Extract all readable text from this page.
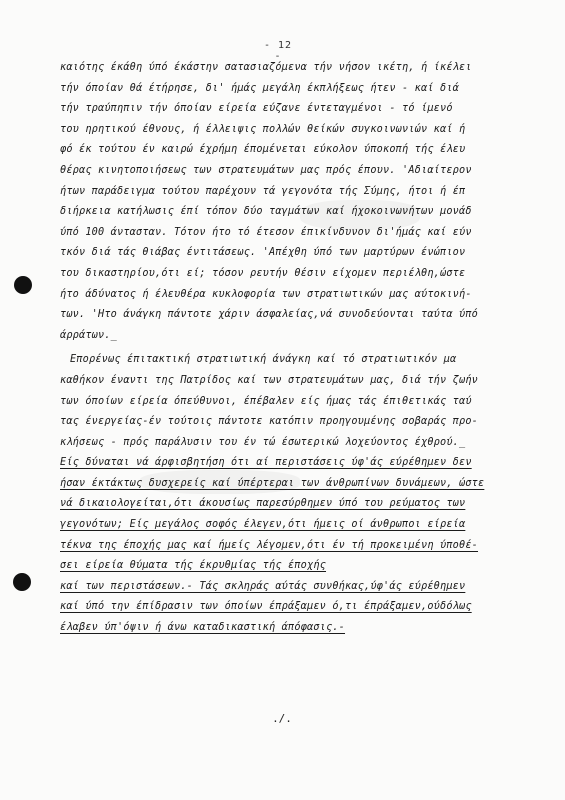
- 12 -
καιότης έκάθη ύπό έκάστην σατασιαζόμενα τήν νήσον ικέτη, ή ίκέλει
τήν όποίαν θά έτήρησε, δι' ήμάς μεγάλη έκπλήξεως ήτεν - καί διά
τήν τραύπηπιν τήν όποίαν είρεία εύζανε έντεταγμένοι - τό ίμενό
του ηρητικού έθνους, ή έλλειψις πολλών θείκών συγκοινωνιών καί ή
φό έκ τούτου έν καιρώ έχρήμη έπομένεται εύκολον ύποκοπή τής έλευ
θέρας κινητοποιήσεως των στρατευμάτων μας πρός έπουν. 'Αδιαίτερον
ήτων παράδειγμα τούτου παρέχουν τά γεγονότα τής Σύμης, ήτοι ή έπ
διήρκεια κατήλωσις έπί τόπον δύο ταγμάτων καί ήχοκοινωνήτων μονάδ
ύπό 100 άντασταν. Τότον ήτο τό έτεσον έπικίνδυνον δι'ήμάς καί εύν
τκόν διά τάς θιάβας έντιτάσεως. 'Απέχθη ύπό των μαρτύρων ένώπιον
του δικαστηρίου,ότι εί; τόσον ρευτήν θέσιν είχομεν περιέλθη,ώστε
ήτο άδύνατος ή έλευθέρα κυκλοφορία των στρατιωτικών μας αύτοκινή-
των. 'Ητο άνάγκη πάντοτε χάριν άσφαλείας,νά συνοδεύονται ταύτα ύπό
άρράτων._
Επορένως έπιτακτική στρατιωτική άνάγκη καί τό στρατιωτικόν μα
καθήκον έναντι της Πατρίδος καί των στρατευμάτων μας, διά τήν ζωήν
των όποίων είρεία όπεύθυνοι, έπέβαλεν είς ήμας τάς έπιθετικάς ταύ
τας ένεργείας-έν τούτοις πάντοτε κατόπιν προηγουμένης σοβαράς προ-
κλήσεως - πρός παράλυσιν του έν τώ έσωτερικώ λοχεύοντος έχθρού._
Είς δύναται νά άρφισβητήση ότι αί περιστάσεις ύφ'άς εύρέθημεν δεν
ήσαν έκτάκτως δυσχερείς καί ύπέρτεραι των άνθρωπίνων δυνάμεων, ώστε
νά δικαιολογείται,ότι άκουσίως παρεσύρθημεν ύπό του ρεύματος των
γεγονότων; Είς μεγάλος σοφός έλεγεν,ότι ήμεις οί άνθρωποι είρεία
τέκνα της έποχής μας καί ήμείς λέγομεν,ότι έν τή προκειμένη ύποθέ-
σει είρεία θύματα τής έκρυθμίας τής έποχής
καί των περιστάσεων.- Τάς σκληράς αύτάς συνθήκας,ύφ'άς εύρέθημεν
καί ύπό την έπίδρασιν των όποίων έπράξαμεν ό,τι έπράξαμεν,ούδόλως
έλαβεν ύπ'όψιν ή άνω καταδικαστική άπόφασις.-
./.
